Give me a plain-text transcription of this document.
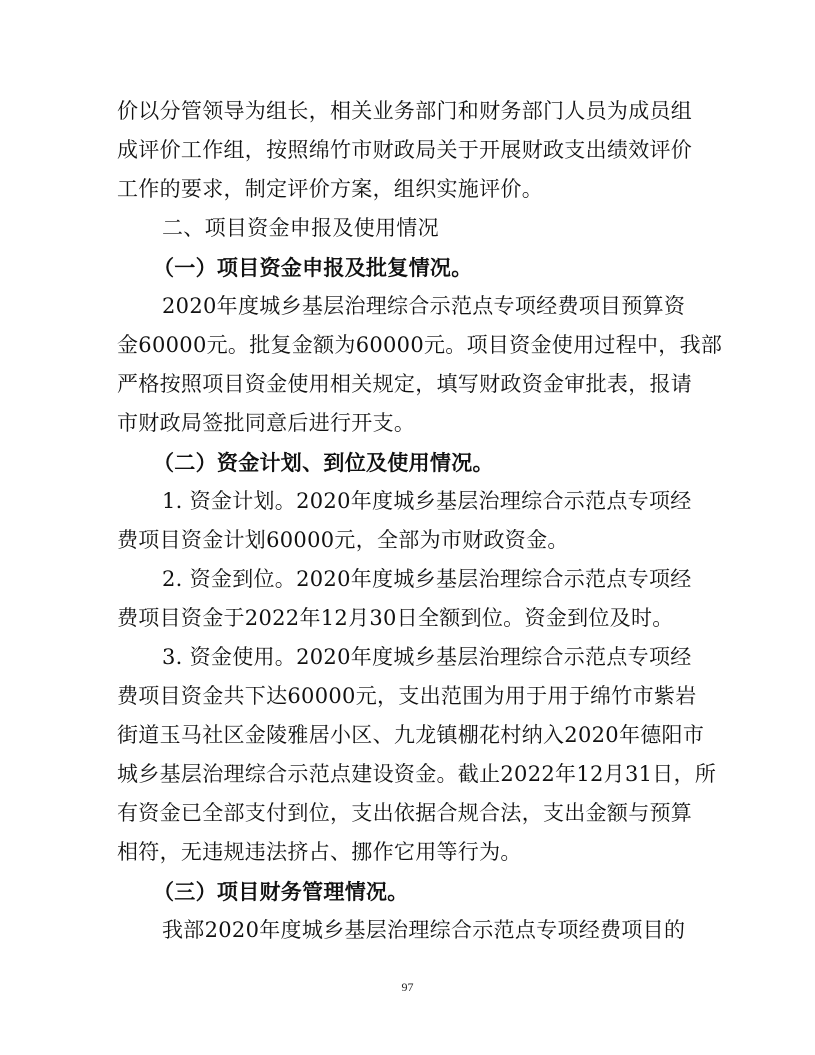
价以分管领导为组长，相关业务部门和财务部门人员为成员组
成评价工作组，按照绵竹市财政局关于开展财政支出绩效评价
工作的要求，制定评价方案，组织实施评价。
二、项目资金申报及使用情况
（一）项目资金申报及批复情况。
2020年度城乡基层治理综合示范点专项经费项目预算资
金60000元。批复金额为60000元。项目资金使用过程中，我部
严格按照项目资金使用相关规定，填写财政资金审批表，报请
市财政局签批同意后进行开支。
（二）资金计划、到位及使用情况。
1. 资金计划。2020年度城乡基层治理综合示范点专项经
费项目资金计划60000元，全部为市财政资金。
2. 资金到位。2020年度城乡基层治理综合示范点专项经
费项目资金于2022年12月30日全额到位。资金到位及时。
3. 资金使用。2020年度城乡基层治理综合示范点专项经
费项目资金共下达60000元，支出范围为用于用于绵竹市紫岩
街道玉马社区金陵雅居小区、九龙镇棚花村纳入2020年德阳市
城乡基层治理综合示范点建设资金。截止2022年12月31日，所
有资金已全部支付到位，支出依据合规合法，支出金额与预算
相符，无违规违法挤占、挪作它用等行为。
（三）项目财务管理情况。
我部2020年度城乡基层治理综合示范点专项经费项目的
97
